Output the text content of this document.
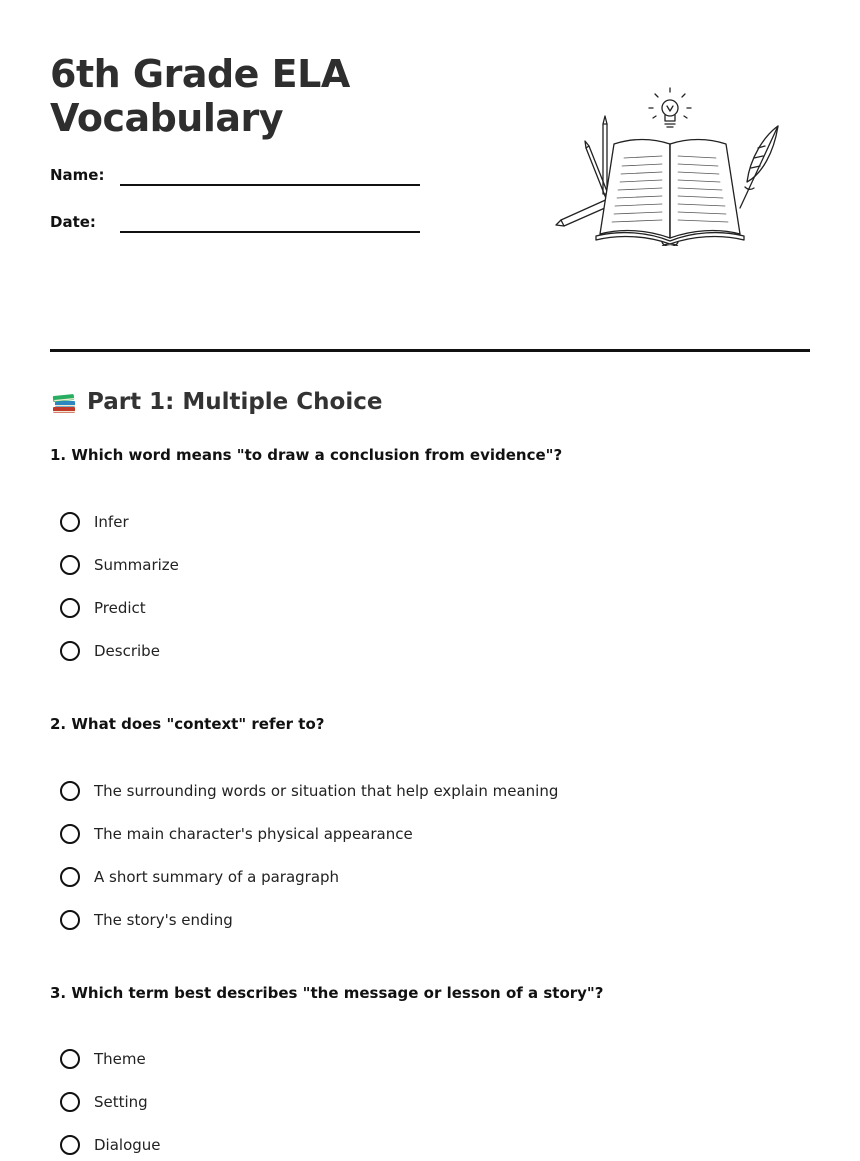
6th Grade ELA
Vocabulary
Name:
Date:
Part 1: Multiple Choice

1. Which word means "to draw a conclusion from evidence"?

Infer
Summarize
Predict
Describe

2. What does "context" refer to?

The surrounding words or situation that help explain meaning
The main character's physical appearance
A short summary of a paragraph
The story's ending

3. Which term best describes "the message or lesson of a story"?

Theme
Setting
Dialogue
